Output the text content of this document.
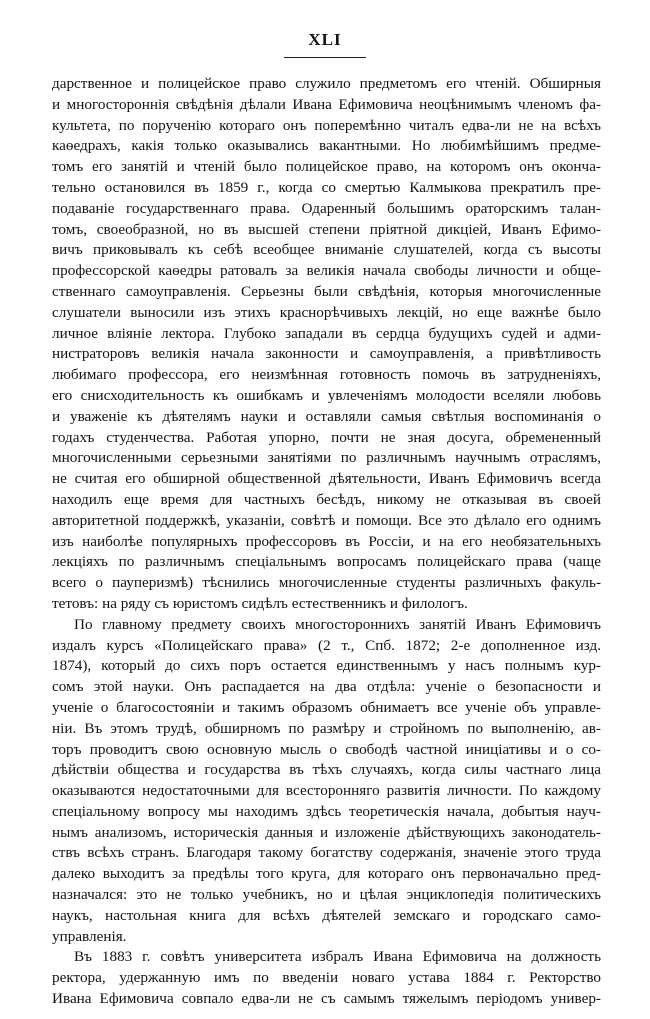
XLI
дарственное и полицейское право служило предметомъ его чтеній. Обширныя
и многостороннія свѣдѣнія дѣлали Ивана Ефимовича неоцѣнимымъ членомъ фа-
культета, по порученію котораго онъ поперемѣнно читалъ едва-ли не на всѣхъ
каѳедрахъ, какія только оказывались вакантными. Но любимѣйшимъ предме-
томъ его занятій и чтеній было полицейское право, на которомъ онъ оконча-
тельно остановился въ 1859 г., когда со смертью Калмыкова прекратилъ пре-
подаваніе государственнаго права. Одаренный большимъ ораторскимъ талан-
томъ, своеобразной, но въ высшей степени пріятной дикціей, Иванъ Ефимо-
вичъ приковывалъ къ себѣ всеобщее вниманіе слушателей, когда съ высоты
профессорской каѳедры ратовалъ за великія начала свободы личности и обще-
ственнаго самоуправленія. Серьезны были свѣдѣнія, которыя многочисленные
слушатели выносили изъ этихъ краснорѣчивыхъ лекцій, но еще важнѣе было
личное вліяніе лектора. Глубоко западали въ сердца будущихъ судей и адми-
нистраторовъ великія начала законности и самоуправленія, а привѣтливость
любимаго профессора, его неизмѣнная готовность помочь въ затрудненіяхъ,
его снисходительность къ ошибкамъ и увлеченіямъ молодости вселяли любовь
и уваженіе къ дѣятелямъ науки и оставляли самыя свѣтлыя воспоминанія о
годахъ студенчества. Работая упорно, почти не зная досуга, обремененный
многочисленными серьезными занятіями по различнымъ научнымъ отраслямъ,
не считая его обширной общественной дѣятельности, Иванъ Ефимовичъ всегда
находилъ еще время для частныхъ бесѣдъ, никому не отказывая въ своей
авторитетной поддержкѣ, указаніи, совѣтѣ и помощи. Все это дѣлало его однимъ
изъ наиболѣе популярныхъ профессоровъ въ Россіи, и на его необязательныхъ
лекціяхъ по различнымъ спеціальнымъ вопросамъ полицейскаго права (чаще
всего о пауперизмѣ) тѣснились многочисленные студенты различныхъ факуль-
тетовъ: на ряду съ юристомъ сидѣлъ естественникъ и филологъ.
По главному предмету своихъ многостороннихъ занятій Иванъ Ефимовичъ
издалъ курсъ «Полицейскаго права» (2 т., Спб. 1872; 2-е дополненное изд.
1874), который до сихъ поръ остается единственнымъ у насъ полнымъ кур-
сомъ этой науки. Онъ распадается на два отдѣла: ученіе о безопасности и
ученіе о благосостояніи и такимъ образомъ обнимаетъ все ученіе объ управле-
ніи. Въ этомъ трудѣ, обширномъ по размѣру и стройномъ по выполненію, ав-
торъ проводитъ свою основную мысль о свободѣ частной иниціативы и о со-
дѣйствіи общества и государства въ тѣхъ случаяхъ, когда силы частнаго лица
оказываются недостаточными для всесторонняго развитія личности. По каждому
спеціальному вопросу мы находимъ здѣсь теоретическія начала, добытыя науч-
нымъ анализомъ, историческія данныя и изложеніе дѣйствующихъ законодатель-
ствъ всѣхъ странъ. Благодаря такому богатству содержанія, значеніе этого труда
далеко выходитъ за предѣлы того круга, для котораго онъ первоначально пред-
назначался: это не только учебникъ, но и цѣлая энциклопедія политическихъ
наукъ, настольная книга для всѣхъ дѣятелей земскаго и городскаго само-
управленія.
Въ 1883 г. совѣтъ университета избралъ Ивана Ефимовича на должность
ректора, удержанную имъ по введеніи новаго устава 1884 г. Ректорство
Ивана Ефимовича совпало едва-ли не съ самымъ тяжелымъ періодомъ универ-
